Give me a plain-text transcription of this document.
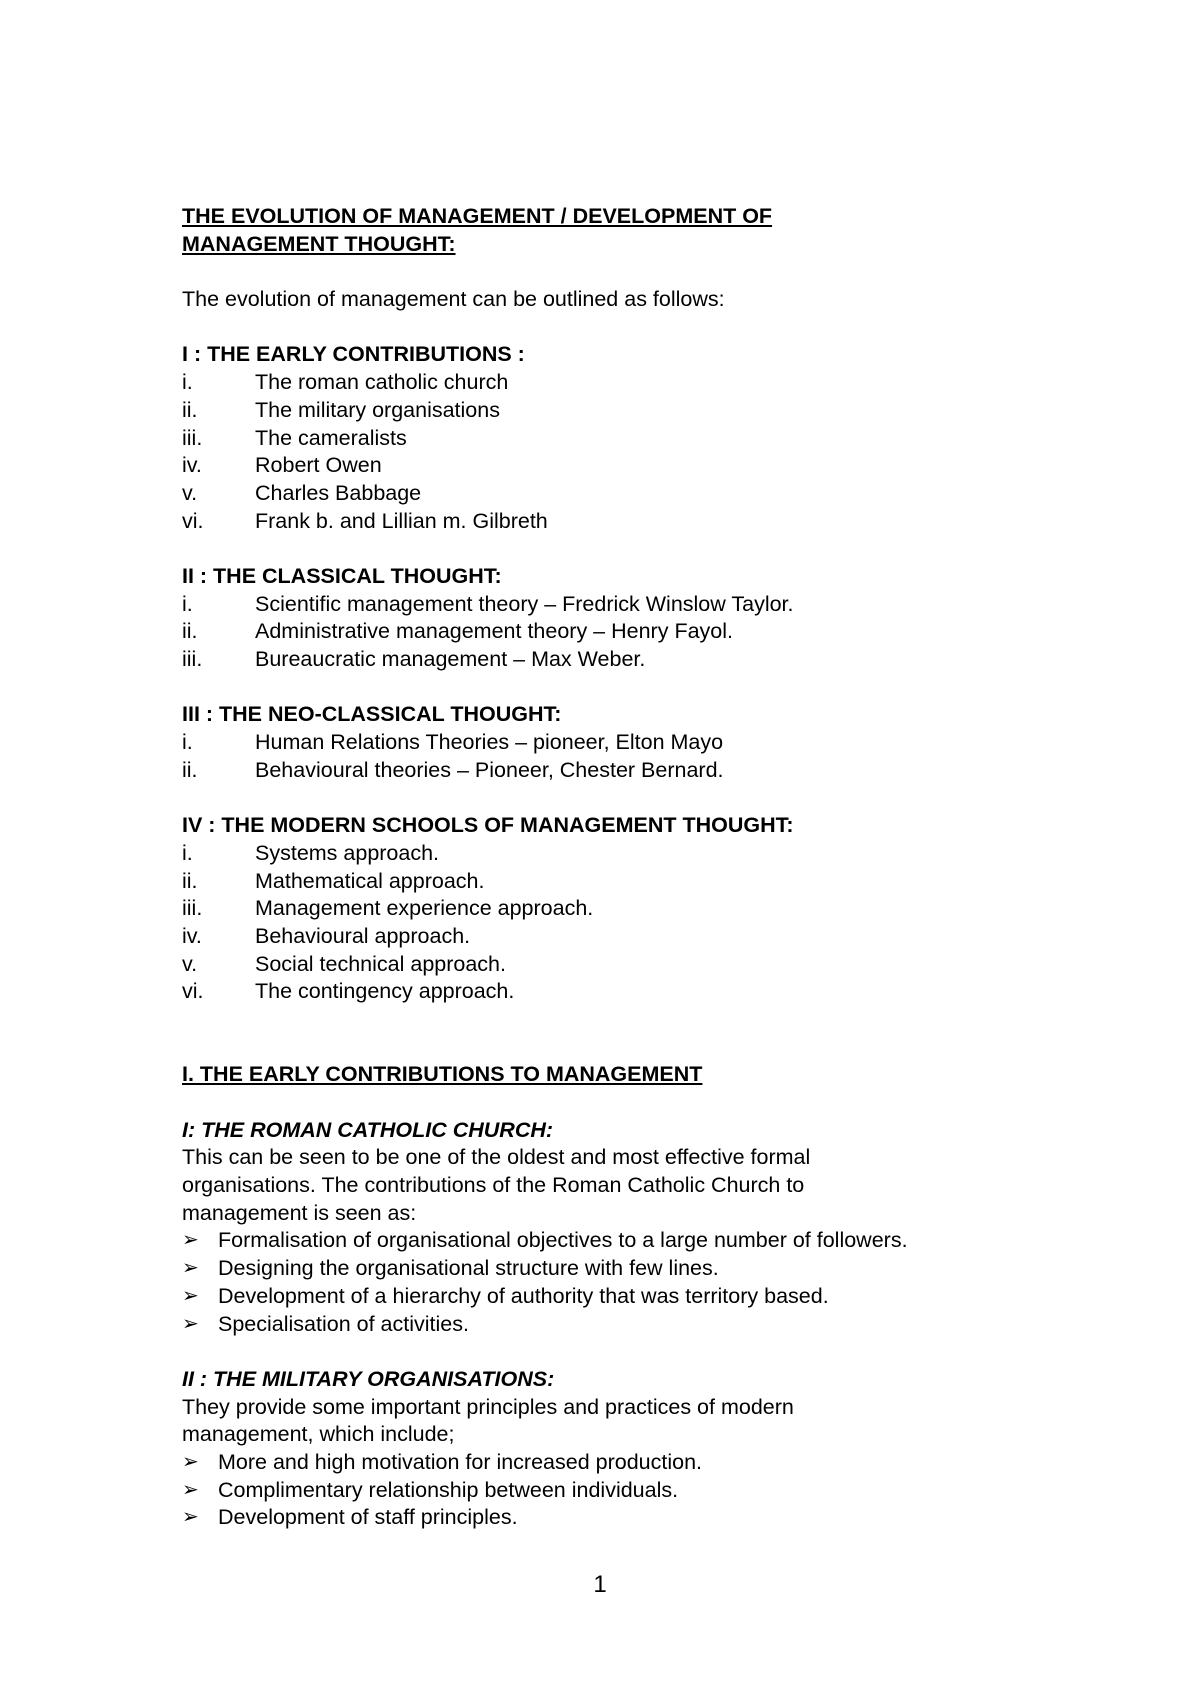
THE EVOLUTION OF MANAGEMENT / DEVELOPMENT OF
MANAGEMENT THOUGHT:
The evolution of management can be outlined as follows:
I : THE EARLY CONTRIBUTIONS :
i.	The roman catholic church
ii.	The military organisations
iii.	The cameralists
iv.	Robert Owen
v.	Charles Babbage
vi.	Frank b. and Lillian m. Gilbreth
II : THE CLASSICAL THOUGHT:
i.	Scientific management theory – Fredrick Winslow Taylor.
ii.	Administrative management theory – Henry Fayol.
iii.	Bureaucratic management – Max Weber.
III : THE NEO-CLASSICAL THOUGHT:
i.	Human Relations Theories – pioneer, Elton Mayo
ii.	Behavioural theories – Pioneer, Chester Bernard.
IV : THE MODERN SCHOOLS OF MANAGEMENT THOUGHT:
i.	Systems approach.
ii.	Mathematical approach.
iii.	Management experience approach.
iv.	Behavioural approach.
v.	Social technical approach.
vi.	The contingency approach.
I. THE EARLY CONTRIBUTIONS TO MANAGEMENT
I: THE ROMAN CATHOLIC CHURCH:
This can be seen to be one of the oldest and most effective formal
organisations. The contributions of the Roman Catholic Church to
management is seen as:
➢ Formalisation of organisational objectives to a large number of followers.
➢ Designing the organisational structure with few lines.
➢ Development of a hierarchy of authority that was territory based.
➢ Specialisation of activities.
II : THE MILITARY ORGANISATIONS:
They provide some important principles and practices of modern
management, which include;
➢ More and high motivation for increased production.
➢ Complimentary relationship between individuals.
➢ Development of staff principles.
1
